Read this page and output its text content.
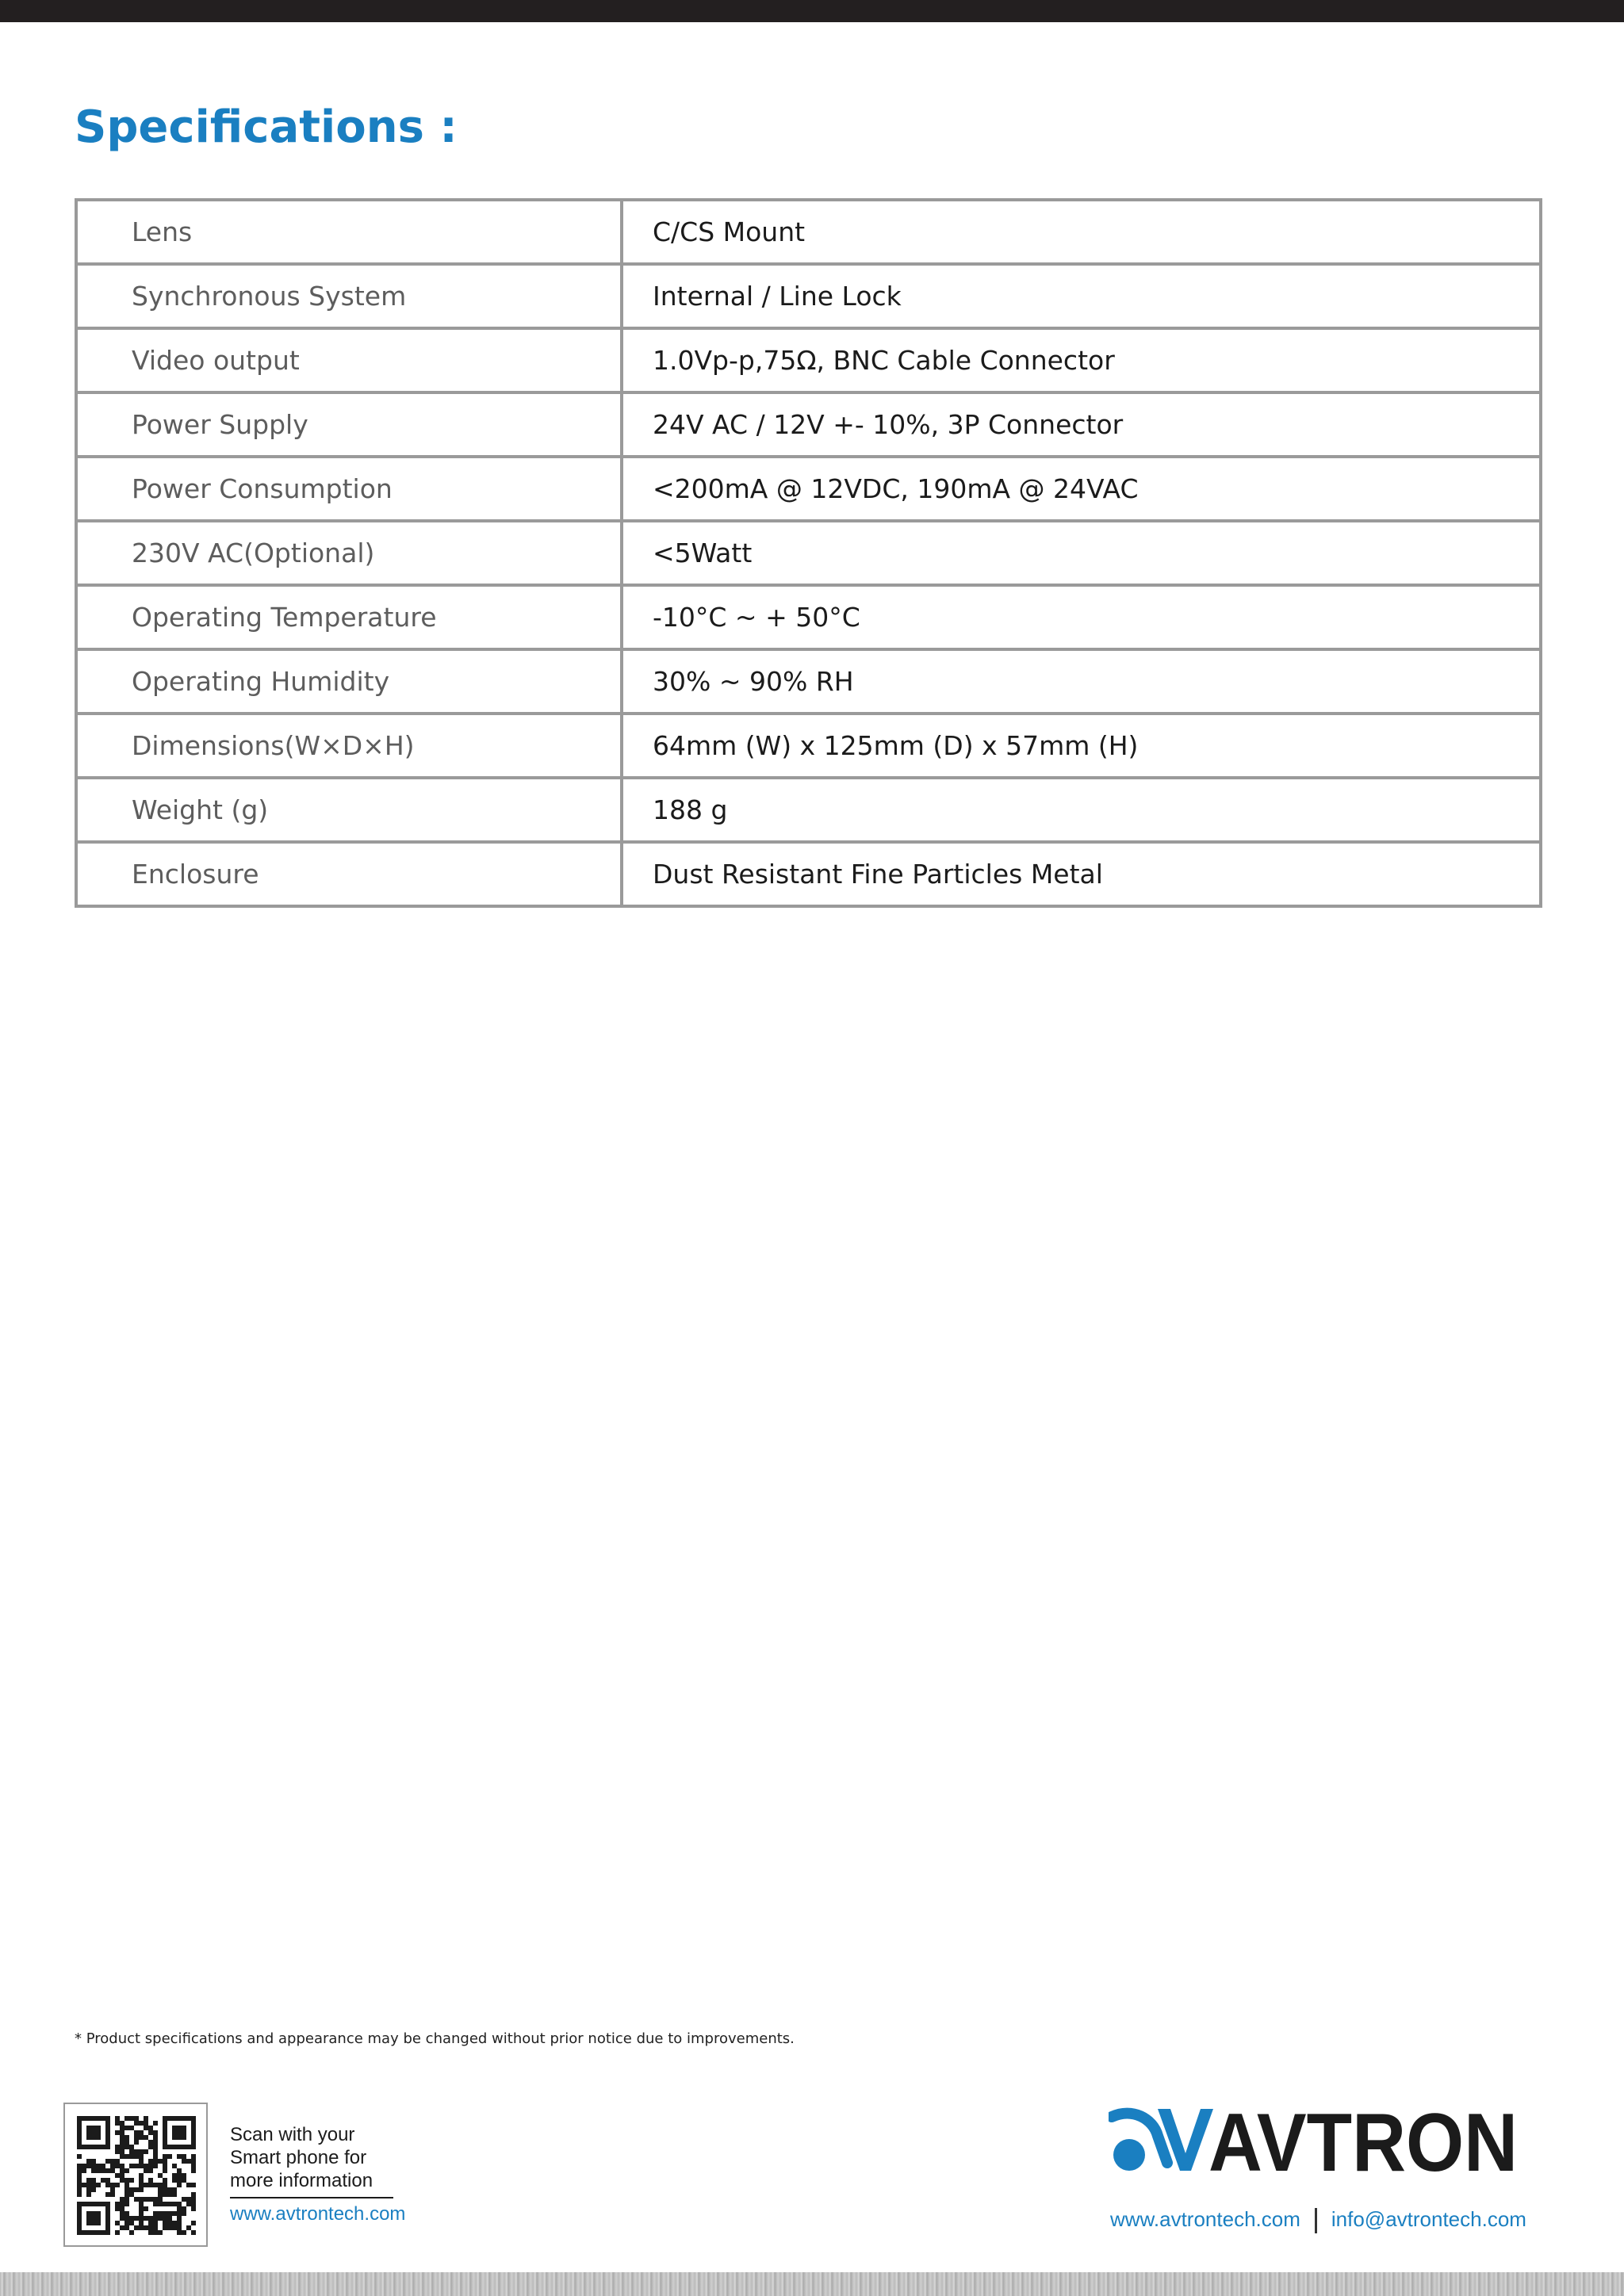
Specifications :
Lens	C/CS Mount
Synchronous System	Internal / Line Lock
Video output	1.0Vp-p,75Ω, BNC Cable Connector
Power Supply	24V AC / 12V +- 10%, 3P Connector
Power Consumption	<200mA @ 12VDC, 190mA @ 24VAC
230V AC(Optional)	<5Watt
Operating Temperature	-10°C ~ + 50°C
Operating Humidity	30% ~ 90% RH
Dimensions(W×D×H)	64mm (W) x 125mm (D) x 57mm (H)
Weight (g)	188 g
Enclosure	Dust Resistant Fine Particles Metal
* Product specifications and appearance may be changed without prior notice due to improvements.
Scan with your
Smart phone for
more information
www.avtrontech.com
AVTRON
www.avtrontech.com info@avtrontech.com
